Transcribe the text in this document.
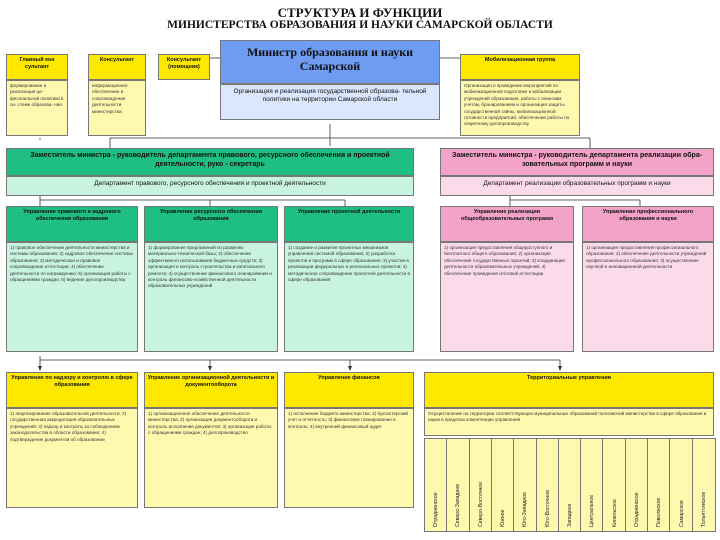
СТРУКТУРА И ФУНКЦИИ
МИНИСТЕРСТВА ОБРАЗОВАНИЯ И НАУКИ САМАРСКОЙ ОБЛАСТИ
Главный кон сультант
формирование и реализация це- фесональной политики в си- стеме образова- ния
Консультант
информационно- обеспечение и сопровождение деятельности министерства
Консультант (помощник)
Министр образования и науки Самарской
Организация и реализация государственной образова- тельной политики на территории Самарской области
Мобилизационная группа
Организация и проведение мероприятий по мобилизационной подготовке и мобилизации учреждений образования, работы с воинским учетом, бронированием и организация защиты государственной тайны, мобилизационной готовности предприятий, обеспечение работы по секретному делопроизводству
Заместитель министра - руководитель департамента правового, ресурсного обеспечения и проектной деятельности, руко - секретарь
Департамент правового, ресурсного обеспечения и проектной деятельности
Заместитель министра - руководитель департамента реализации обра- зовательных программ и науки
Департамент реализации образовательных программ и науки
Управление правового и кадрового обеспечения образования
1) правовое обеспечение деятельности министерства и системы образования; 2) кадровое обеспечение системы образования; 3) методическое и правовое сопровождение аттестации; 4) обеспечение деятельности по награждению; 5) организация работы с обращениями граждан; 6) ведение делопроизводства
Управление ресурсного обеспечения образования
1) формирование предложений по развитию материально-технической базы; 2) обеспечение эффективного использования бюджетных средств; 3) организация и контроль строительства и капитального ремонта; 4) осуществление финансового планирования и контроль финансово-хозяйственной деятельности образовательных учреждений
Управление проектной деятельности
1) создание и развитие проектных механизмов управления системой образования; 2) разработка проектов и программ в сфере образования; 3) участие в реализации федеральных и региональных проектов; 4) методическое сопровождение проектной деятельности в сфере образования
Управление реализации общеобразовательных программ
1) организация предоставления общедоступного и бесплатного общего образования; 2) организация обеспечения государственных гарантий; 3) координация деятельности образовательных учреждений; 4) обеспечение проведения итоговой аттестации
Управление профессионального образования и науки
1) организация предоставления профессионального образования; 2) обеспечение деятельности учреждений профессионального образования; 3) осуществление научной и инновационной деятельности
Управление по надзору и контролю в сфере образования
1) лицензирование образовательной деятельности; 2) государственная аккредитация образовательных учреждений; 3) надзор и контроль за соблюдением законодательства в области образования; 4) подтверждение документов об образовании
Управление организационной деятельности и документооборота
1) организационное обеспечение деятельности министерства; 2) организация документооборота и контроль исполнения документов; 3) организация работы с обращениями граждан; 4) делопроизводство
Управление финансов
1) исполнение бюджета министерства; 2) бухгалтерский учет и отчетность; 3) финансовое планирование и контроль; 4) внутренний финансовый аудит
Территориальные управления
Осуществление на территории соответствующих муниципальных образований полномочий министерства в сфере образования и науки в пределах компетенции управления
Отрадненское	Северо-Западное	Северо-Восточное	Южное	Юго-Западное	Юго-Восточное	Западное	Центральное	Кинельское	Отрадненское	Поволжское	Самарское	Тольяттинское
